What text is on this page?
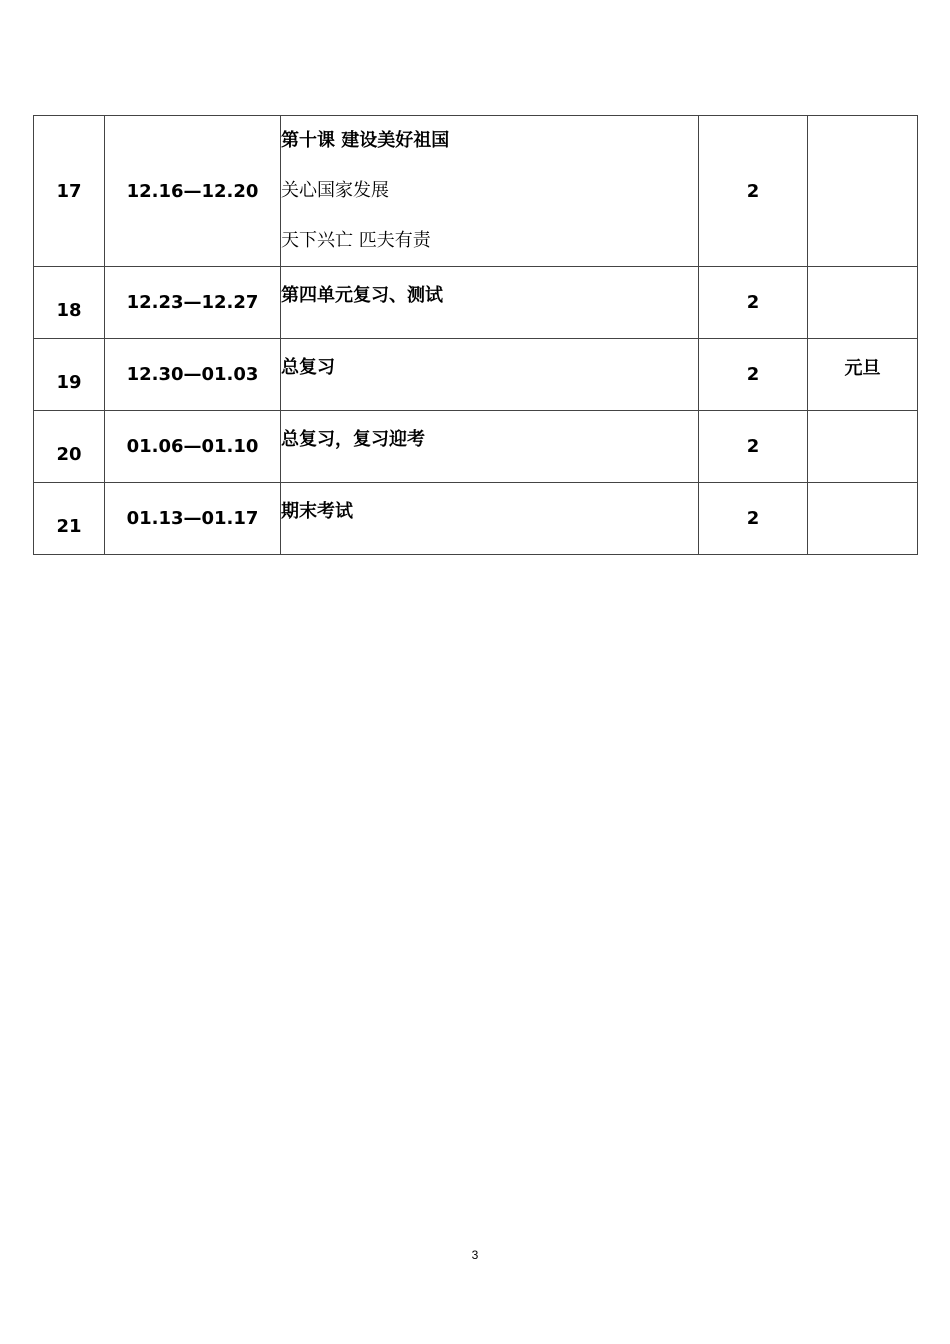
17	12.16—12.20	第十课 建设美好祖国
关心国家发展
天下兴亡 匹夫有责	2	
18	12.23—12.27	第四单元复习、测试	2	
19	12.30—01.03	总复习	2	元旦
20	01.06—01.10	总复习，复习迎考	2	
21	01.13—01.17	期末考试	2	
3
